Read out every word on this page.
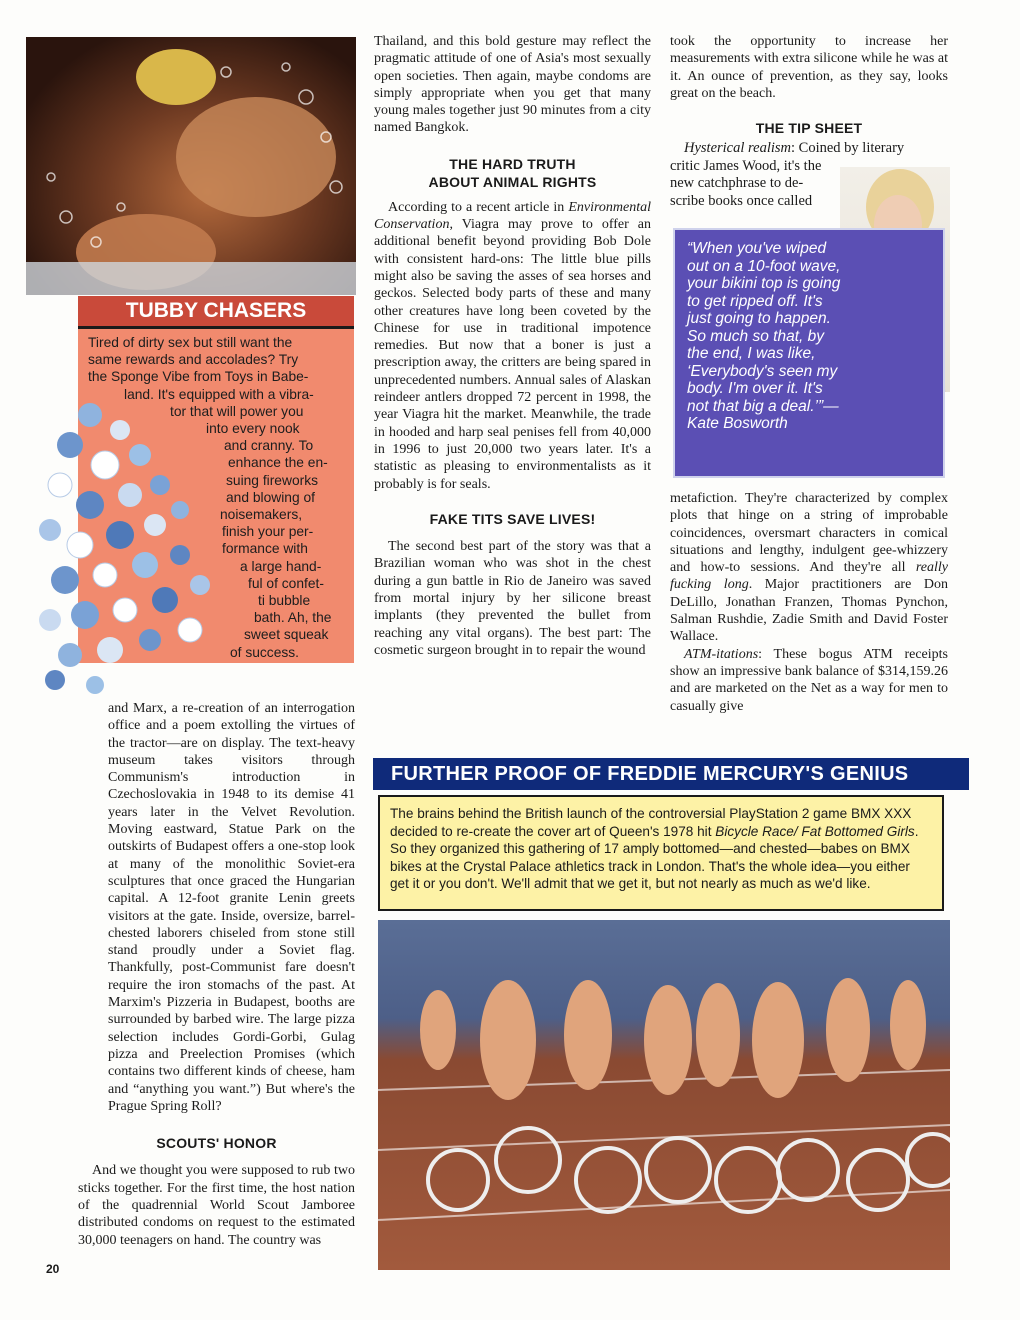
TUBBY CHASERS
Tired of dirty sex but still want the
same rewards and accolades? Try
the Sponge Vibe from Toys in Babe-
land. It's equipped with a vibra-
tor that will power you
into every nook
and cranny. To
enhance the en-
suing fireworks
and blowing of
noisemakers,
finish your per-
formance with
a large hand-
ful of confet-
ti bubble
bath. Ah, the
sweet squeak
of success.

and Marx, a re-creation of an interrogation office and a poem extolling the virtues of the tractor—are on display. The text-heavy museum takes visitors through Communism's introduction in Czechoslovakia in 1948 to its demise 41 years later in the Velvet Revolution. Moving eastward, Statue Park on the outskirts of Budapest offers a one-stop look at many of the monolithic Soviet-era sculptures that once graced the Hungarian capital. A 12-foot granite Lenin greets visitors at the gate. Inside, oversize, barrel-chested laborers chiseled from stone still stand proudly under a Soviet flag. Thankfully, post-Communist fare doesn't require the iron stomachs of the past. At Marxim's Pizzeria in Budapest, booths are surrounded by barbed wire. The large pizza selection includes Gordi-Gorbi, Gulag pizza and Preelection Promises (which contains two different kinds of cheese, ham and “anything you want.”) But where's the Prague Spring Roll?

SCOUTS' HONOR

And we thought you were supposed to rub two sticks together. For the first time, the host nation of the quadrennial World Scout Jamboree distributed condoms on request to the estimated 30,000 teenagers on hand. The country was

20

Thailand, and this bold gesture may reflect the pragmatic attitude of one of Asia's most sexually open societies. Then again, maybe condoms are simply appropriate when you get that many young males together just 90 minutes from a city named Bangkok.

THE HARD TRUTH
ABOUT ANIMAL RIGHTS

According to a recent article in Environmental Conservation, Viagra may prove to offer an additional benefit beyond providing Bob Dole with consistent hard-ons: The little blue pills might also be saving the asses of sea horses and geckos. Selected body parts of these and many other creatures have long been coveted by the Chinese for use in traditional impotence remedies. But now that a boner is just a prescription away, the critters are being spared in unprecedented numbers. Annual sales of Alaskan reindeer antlers dropped 72 percent in 1998, the year Viagra hit the market. Meanwhile, the trade in hooded and harp seal penises fell from 40,000 in 1996 to just 20,000 two years later. It's a statistic as pleasing to environmentalists as it probably is for seals.

FAKE TITS SAVE LIVES!

The second best part of the story was that a Brazilian woman who was shot in the chest during a gun battle in Rio de Janeiro was saved from mortal injury by her silicone breast implants (they prevented the bullet from reaching any vital organs). The best part: The cosmetic surgeon brought in to repair the wound

took the opportunity to increase her measurements with extra silicone while he was at it. An ounce of prevention, as they say, looks great on the beach.

THE TIP SHEET
Hysterical realism: Coined by literary
critic James Wood, it's the
new catchphrase to de-
scribe books once called
“When you've wiped out on a 10-foot wave, your bikini top is going to get ripped off. It's just going to happen. So much so that, by the end, I was like, ‘Everybody's seen my body. I'm over it. It's not that big a deal.’”—Kate Bosworth

metafiction. They're characterized by complex plots that hinge on a string of improbable coincidences, oversmart characters in comical situations and lengthy, indulgent gee-whizzery and how-to sessions. And they're all really fucking long. Major practitioners are Don DeLillo, Jonathan Franzen, Thomas Pynchon, Salman Rushdie, Zadie Smith and David Foster Wallace.

ATM-itations: These bogus ATM receipts show an impressive bank balance of $314,159.26 and are marketed on the Net as a way for men to casually give

FURTHER PROOF OF FREDDIE MERCURY'S GENIUS

The brains behind the British launch of the controversial PlayStation 2 game BMX XXX decided to re-create the cover art of Queen's 1978 hit Bicycle Race/ Fat Bottomed Girls. So they organized this gathering of 17 amply bottomed—and chested—babes on BMX bikes at the Crystal Palace athletics track in London. That's the whole idea—you either get it or you don't. We'll admit that we get it, but not nearly as much as we'd like.
